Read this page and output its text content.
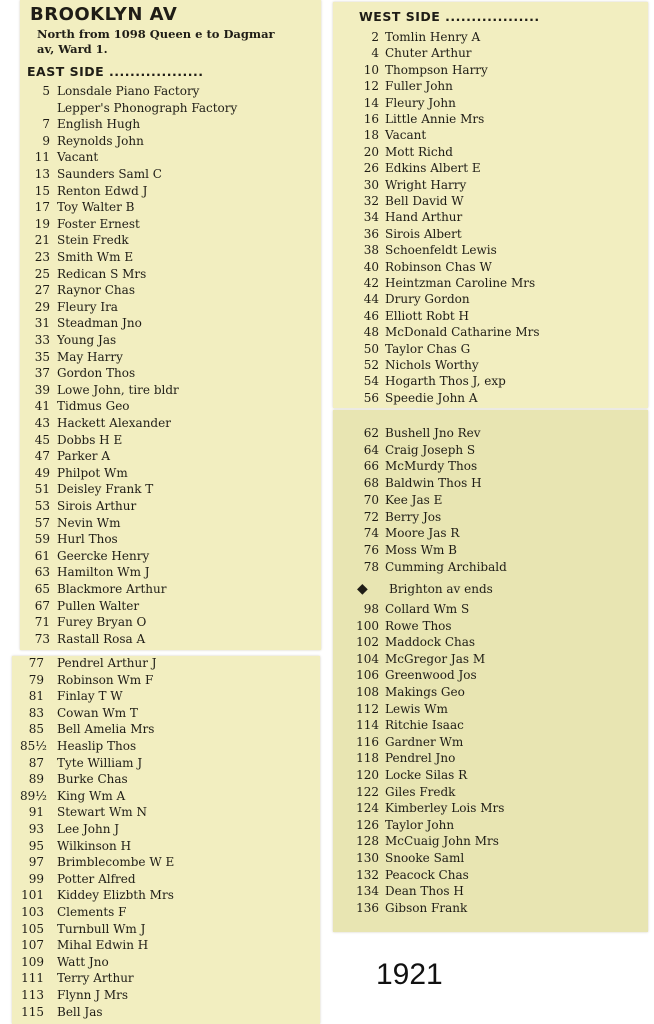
BROOKLYN AV
North from 1098 Queen e to Dagmar
av, Ward 1.
EAST SIDE ..................
5 Lonsdale Piano Factory
Lepper's Phonograph Factory
7 English Hugh
9 Reynolds John
11 Vacant
13 Saunders Saml C
15 Renton Edwd J
17 Toy Walter B
19 Foster Ernest
21 Stein Fredk
23 Smith Wm E
25 Redican S Mrs
27 Raynor Chas
29 Fleury Ira
31 Steadman Jno
33 Young Jas
35 May Harry
37 Gordon Thos
39 Lowe John, tire bldr
41 Tidmus Geo
43 Hackett Alexander
45 Dobbs H E
47 Parker A
49 Philpot Wm
51 Deisley Frank T
53 Sirois Arthur
57 Nevin Wm
59 Hurl Thos
61 Geercke Henry
63 Hamilton Wm J
65 Blackmore Arthur
67 Pullen Walter
71 Furey Bryan O
73 Rastall Rosa A
77 Pendrel Arthur J
79 Robinson Wm F
81 Finlay T W
83 Cowan Wm T
85 Bell Amelia Mrs
85½ Heaslip Thos
87 Tyte William J
89 Burke Chas
89½ King Wm A
91 Stewart Wm N
93 Lee John J
95 Wilkinson H
97 Brimblecombe W E
99 Potter Alfred
101 Kiddey Elizbth Mrs
103 Clements F
105 Turnbull Wm J
107 Mihal Edwin H
109 Watt Jno
111 Terry Arthur
113 Flynn J Mrs
115 Bell Jas
WEST SIDE ..................
2 Tomlin Henry A
4 Chuter Arthur
10 Thompson Harry
12 Fuller John
14 Fleury John
16 Little Annie Mrs
18 Vacant
20 Mott Richd
26 Edkins Albert E
30 Wright Harry
32 Bell David W
34 Hand Arthur
36 Sirois Albert
38 Schoenfeldt Lewis
40 Robinson Chas W
42 Heintzman Caroline Mrs
44 Drury Gordon
46 Elliott Robt H
48 McDonald Catharine Mrs
50 Taylor Chas G
52 Nichols Worthy
54 Hogarth Thos J, exp
56 Speedie John A
62 Bushell Jno Rev
64 Craig Joseph S
66 McMurdy Thos
68 Baldwin Thos H
70 Kee Jas E
72 Berry Jos
74 Moore Jas R
76 Moss Wm B
78 Cumming Archibald
◆ Brighton av ends
98 Collard Wm S
100 Rowe Thos
102 Maddock Chas
104 McGregor Jas M
106 Greenwood Jos
108 Makings Geo
112 Lewis Wm
114 Ritchie Isaac
116 Gardner Wm
118 Pendrel Jno
120 Locke Silas R
122 Giles Fredk
124 Kimberley Lois Mrs
126 Taylor John
128 McCuaig John Mrs
130 Snooke Saml
132 Peacock Chas
134 Dean Thos H
136 Gibson Frank
1921
